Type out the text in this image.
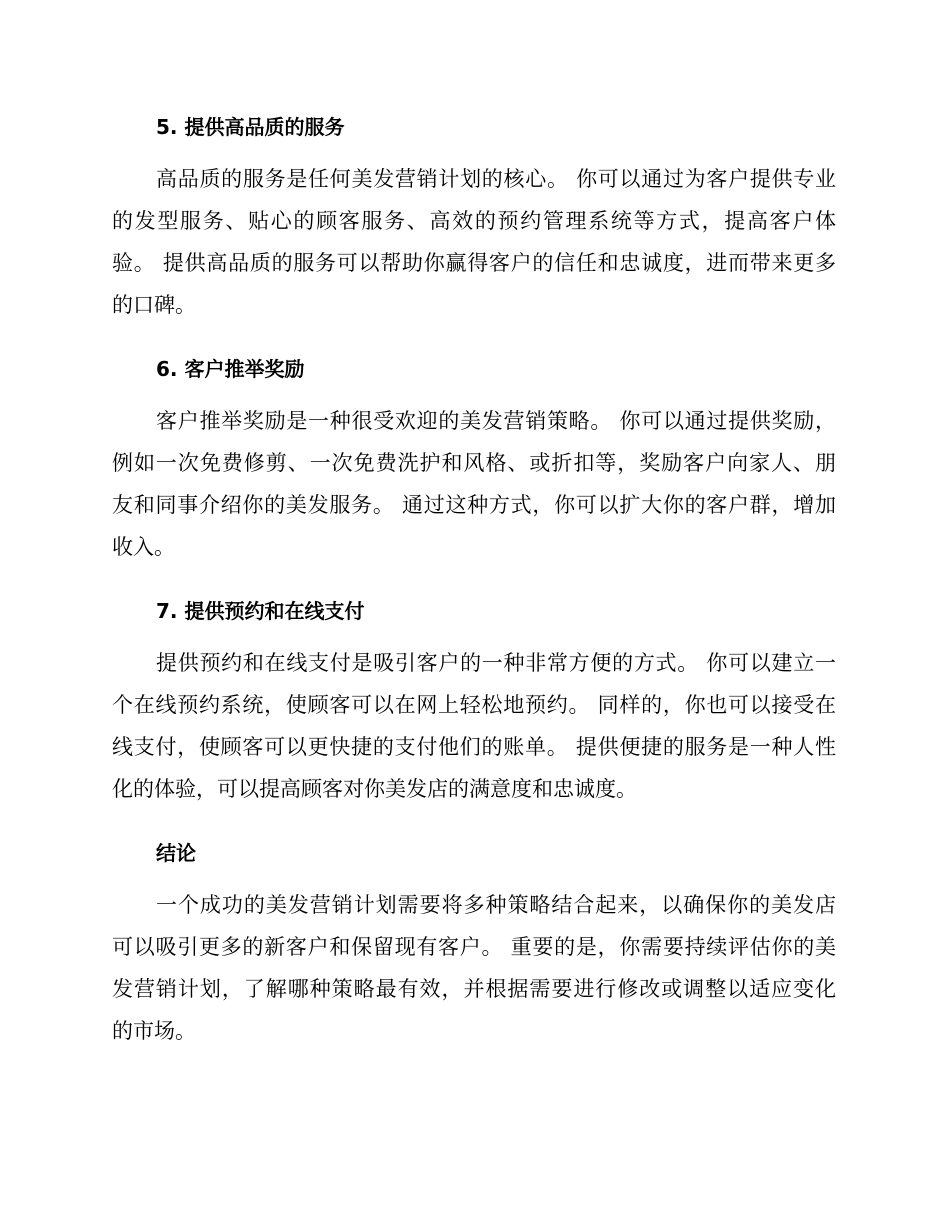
5. 提供高品质的服务
高品质的服务是任何美发营销计划的核心。 你可以通过为客户提供专业
的发型服务、贴心的顾客服务、高效的预约管理系统等方式，提高客户体
验。 提供高品质的服务可以帮助你赢得客户的信任和忠诚度，进而带来更多
的口碑。
6. 客户推举奖励
客户推举奖励是一种很受欢迎的美发营销策略。 你可以通过提供奖励，
例如一次免费修剪、一次免费洗护和风格、或折扣等，奖励客户向家人、朋
友和同事介绍你的美发服务。 通过这种方式，你可以扩大你的客户群，增加
收入。
7. 提供预约和在线支付
提供预约和在线支付是吸引客户的一种非常方便的方式。 你可以建立一
个在线预约系统，使顾客可以在网上轻松地预约。 同样的，你也可以接受在
线支付，使顾客可以更快捷的支付他们的账单。 提供便捷的服务是一种人性
化的体验，可以提高顾客对你美发店的满意度和忠诚度。
结论
一个成功的美发营销计划需要将多种策略结合起来，以确保你的美发店
可以吸引更多的新客户和保留现有客户。 重要的是，你需要持续评估你的美
发营销计划，了解哪种策略最有效，并根据需要进行修改或调整以适应变化
的市场。
